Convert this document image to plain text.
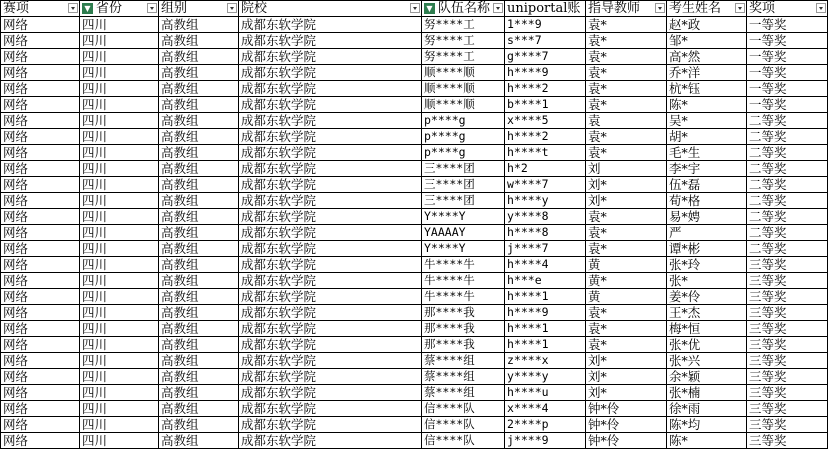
赛项	▼ 省份	组别	院校	▼ 队伍名称	uniportal账	指导教师	考生姓名	奖项

网络	四川	高教组	成都东软学院	努****工	1***9	袁*	赵*政	一等奖
网络	四川	高教组	成都东软学院	努****工	s***7	袁*	邹*	一等奖
网络	四川	高教组	成都东软学院	努****工	g****7	袁*	高*然	一等奖
网络	四川	高教组	成都东软学院	顺****顺	h****9	袁*	乔*洋	一等奖
网络	四川	高教组	成都东软学院	顺****顺	h****2	袁*	杭*钰	一等奖
网络	四川	高教组	成都东软学院	顺****顺	b****1	袁*	陈*	一等奖
网络	四川	高教组	成都东软学院	p****g	x****5	袁	吴*	二等奖
网络	四川	高教组	成都东软学院	p****g	h****2	袁*	胡*	二等奖
网络	四川	高教组	成都东软学院	p****g	h****t	袁*	毛*生	二等奖
网络	四川	高教组	成都东软学院	三****团	h*2	刘	李*宇	二等奖
网络	四川	高教组	成都东软学院	三****团	w****7	刘*	伍*磊	二等奖
网络	四川	高教组	成都东软学院	三****团	h****y	刘*	荀*格	二等奖
网络	四川	高教组	成都东软学院	Y****Y	y****8	袁*	易*娉	二等奖
网络	四川	高教组	成都东软学院	YAAAAY	h****8	袁*	严	二等奖
网络	四川	高教组	成都东软学院	Y****Y	j****7	袁*	谭*彬	二等奖
网络	四川	高教组	成都东软学院	牛****牛	h****4	黄	张*玲	三等奖
网络	四川	高教组	成都东软学院	牛****牛	h***e	黄*	张*	三等奖
网络	四川	高教组	成都东软学院	牛****牛	h****1	黄	姜*伶	三等奖
网络	四川	高教组	成都东软学院	那****我	h****9	袁*	王*杰	三等奖
网络	四川	高教组	成都东软学院	那****我	h****1	袁*	梅*恒	三等奖
网络	四川	高教组	成都东软学院	那****我	h****1	袁*	张*优	三等奖
网络	四川	高教组	成都东软学院	蔡****组	z****x	刘*	张*兴	三等奖
网络	四川	高教组	成都东软学院	蔡****组	y****y	刘*	余*颖	三等奖
网络	四川	高教组	成都东软学院	蔡****组	h****u	刘*	张*楠	三等奖
网络	四川	高教组	成都东软学院	信****队	x****4	钟*伶	徐*雨	三等奖
网络	四川	高教组	成都东软学院	信****队	2****p	钟*伶	陈*均	三等奖
网络	四川	高教组	成都东软学院	信****队	j****9	钟*伶	陈*	三等奖
